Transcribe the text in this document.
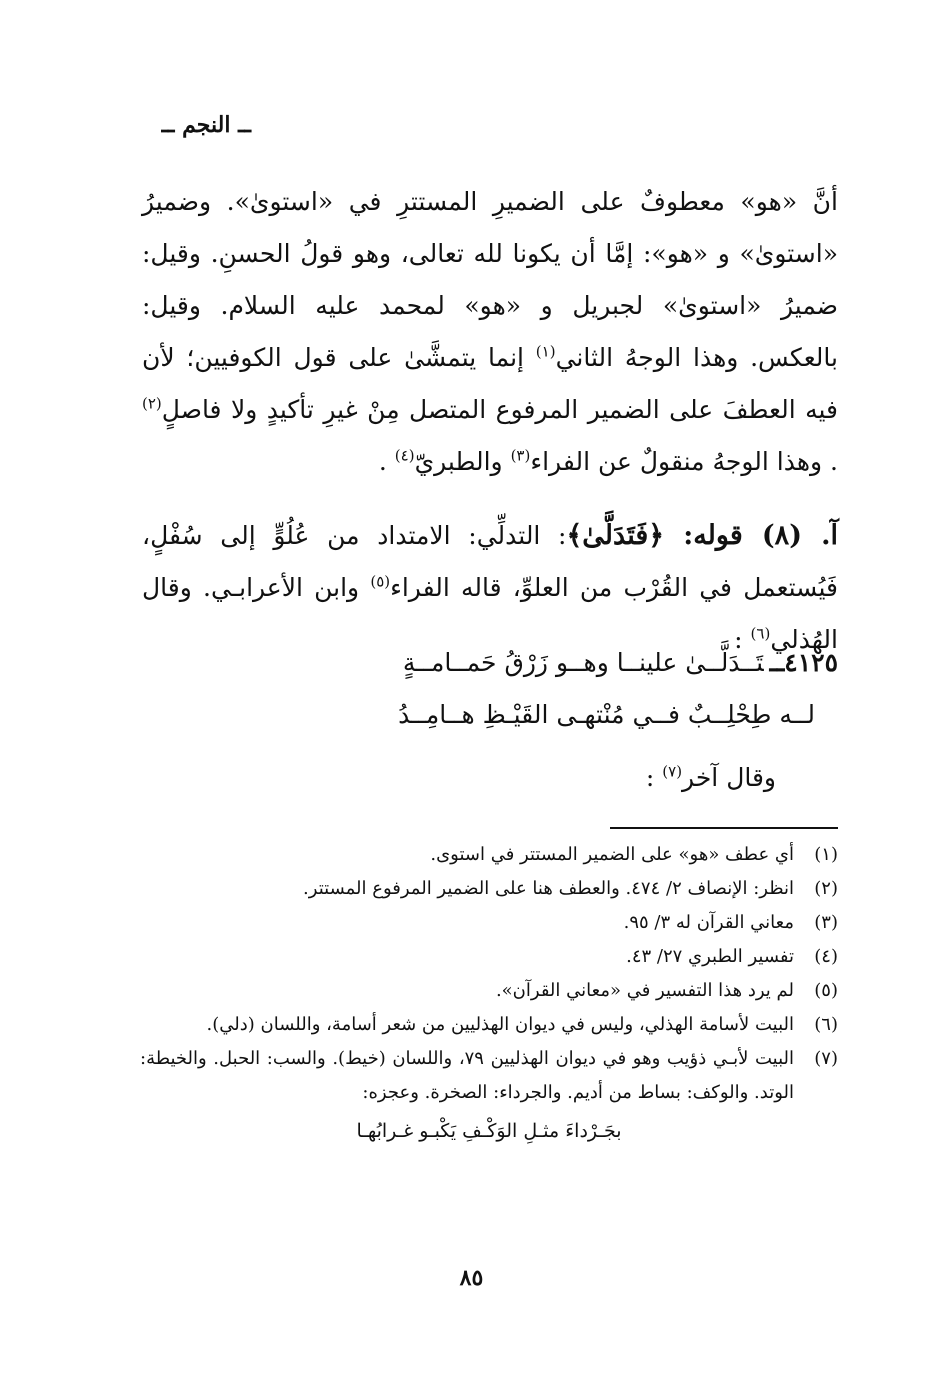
ــ النجم ــ

أنَّ «هو» معطوفٌ على الضميرِ المستترِ في «استوىٰ». وضميرُ «استوىٰ» و «هو»: إمَّا أن يكونا لله تعالى، وهو قولُ الحسنِ. وقيل: ضميرُ «استوىٰ» لجبريل و «هو» لمحمد عليه السلام. وقيل: بالعكس. وهذا الوجهُ الثاني$^{(١)}$ إنما يتمشَّىٰ على قول الكوفيين؛ لأن فيه العطفَ على الضمير المرفوع المتصل مِنْ غيرِ تأكيدٍ ولا فاصلٍ$^{(٢)}$ . وهذا الوجهُ منقولٌ عن الفراء$^{(٣)}$ والطبريّ$^{(٤)}$ .

آ. (٨) قوله: ﴿فَتَدَلَّىٰ﴾: التدلِّي: الامتداد من عُلُوٍّ إلى سُفْلٍ، فَيُستعمل في القُرْب من العلوِّ، قاله الفراء$^{(٥)}$ وابن الأعرابـي. وقال الهُذلي$^{(٦)}$ :

٤١٢٥ــتَــدَلَّــىٰ علينــا وهــو زَرْقُ حَمــامــةٍ
لــه طِحْلِــبٌ فــي مُنْتهـى القَيْـظِ هــامِــدُ
وقال آخر$^{(٧)}$ :
(١)
أي عطف «هو» على الضمير المستتر في استوى.
(٢)
انظر: الإنصاف ٢/ ٤٧٤. والعطف هنا على الضمير المرفوع المستتر.
(٣)
معاني القرآن له ٣/ ٩٥.
(٤)
تفسير الطبري ٢٧/ ٤٣.
(٥)
لم يرد هذا التفسير في «معاني القرآن».
(٦)
البيت لأسامة الهذلي، وليس في ديوان الهذليين من شعر أسامة، واللسان (دلي).
(٧)
البيت لأبـي ذؤيب وهو في ديوان الهذليين ٧٩، واللسان (خيط). والسب: الحبل. والخيطة: الوتد. والوكف: بساط من أديم. والجرداء: الصخرة. وعجزه:
بجَـرْداءَ مثـلِ الوَكْـفِ يَكْبـو غـرابُهـا
٨٥
